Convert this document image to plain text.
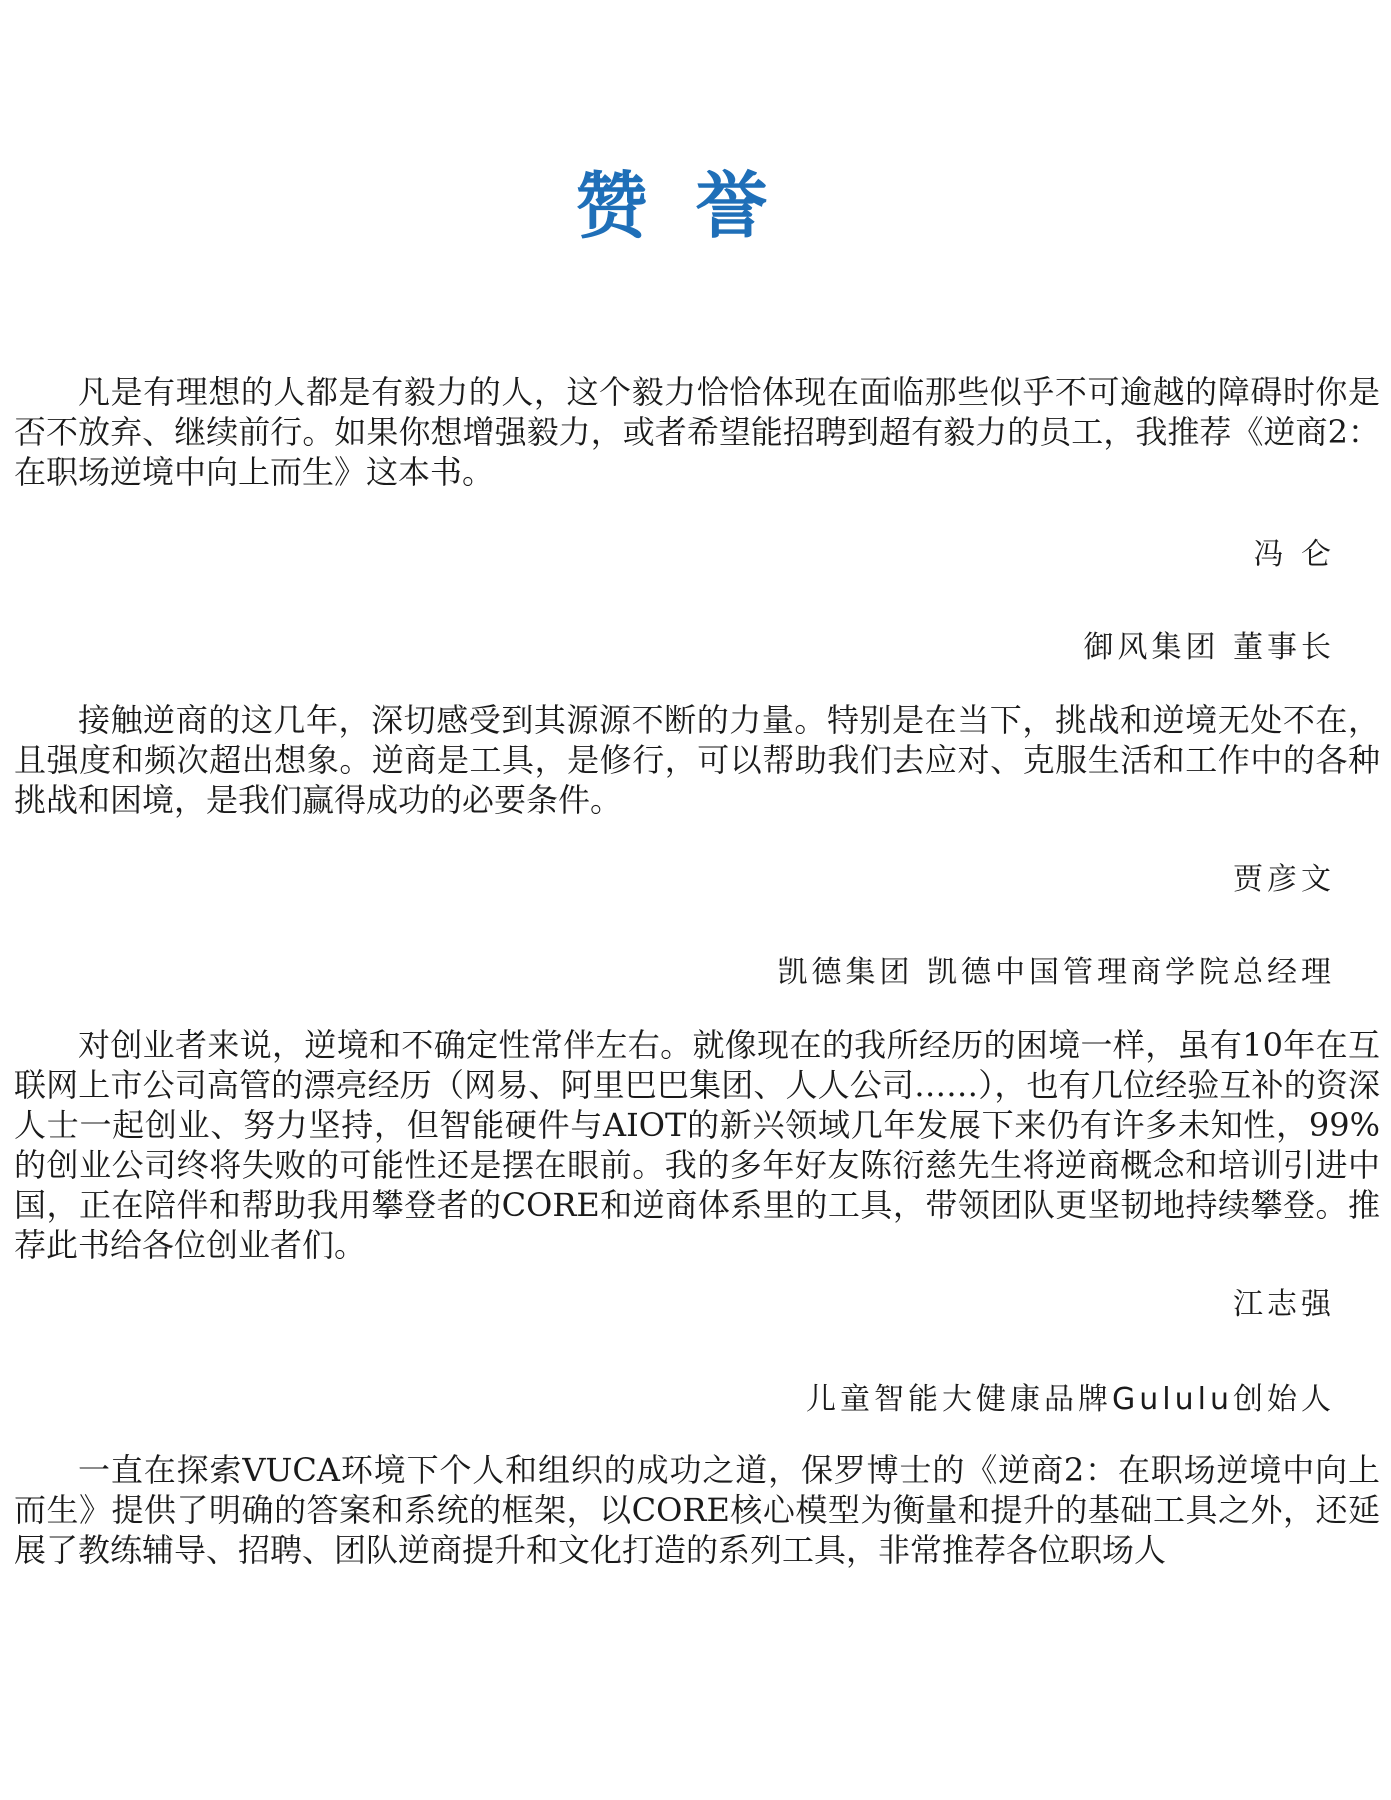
赞誉

凡是有理想的人都是有毅力的人，这个毅力恰恰体现在面临那些似乎不可逾越的障碍时你是否不放弃、继续前行。如果你想增强毅力，或者希望能招聘到超有毅力的员工，我推荐《逆商2：在职场逆境中向上而生》这本书。

冯 仑
御风集团 董事长

接触逆商的这几年，深切感受到其源源不断的力量。特别是在当下，挑战和逆境无处不在，且强度和频次超出想象。逆商是工具，是修行，可以帮助我们去应对、克服生活和工作中的各种挑战和困境，是我们赢得成功的必要条件。

贾彦文
凯德集团 凯德中国管理商学院总经理

对创业者来说，逆境和不确定性常伴左右。就像现在的我所经历的困境一样，虽有10年在互联网上市公司高管的漂亮经历（网易、阿里巴巴集团、人人公司……），也有几位经验互补的资深人士一起创业、努力坚持，但智能硬件与AIOT的新兴领域几年发展下来仍有许多未知性，99%的创业公司终将失败的可能性还是摆在眼前。我的多年好友陈衍慈先生将逆商概念和培训引进中国，正在陪伴和帮助我用攀登者的CORE和逆商体系里的工具，带领团队更坚韧地持续攀登。推荐此书给各位创业者们。

江志强
儿童智能大健康品牌Gululu创始人

一直在探索VUCA环境下个人和组织的成功之道，保罗博士的《逆商2：在职场逆境中向上而生》提供了明确的答案和系统的框架，以CORE核心模型为衡量和提升的基础工具之外，还延展了教练辅导、招聘、团队逆商提升和文化打造的系列工具，非常推荐各位职场人
